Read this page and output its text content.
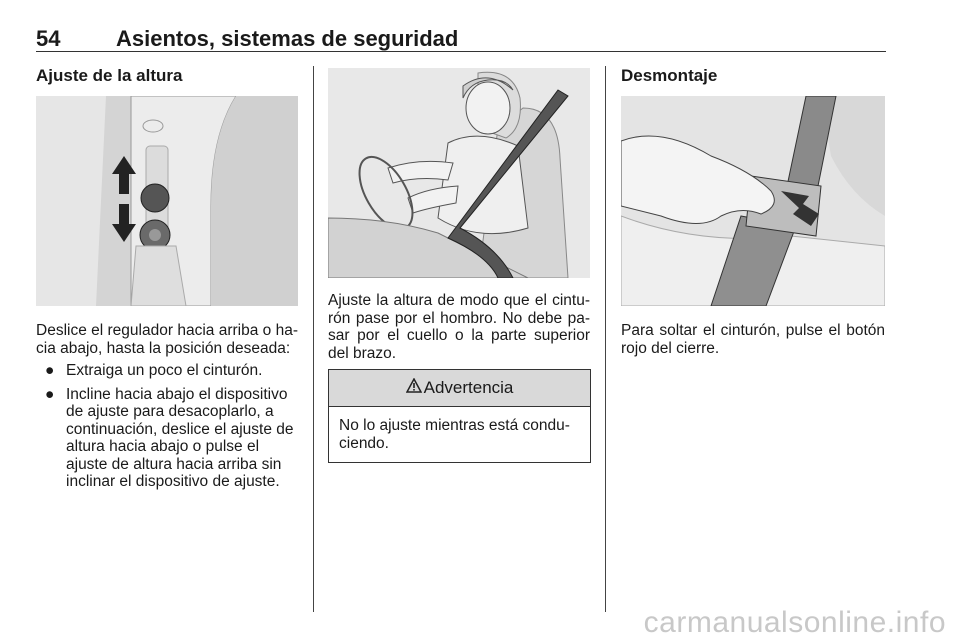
54	Asientos, sistemas de seguridad
Ajuste de la altura
Deslice el regulador hacia arriba o ha-cia abajo, hasta la posición deseada:
● Extraiga un poco el cinturón.
● Incline hacia abajo el dispositivo de ajuste para desacoplarlo, a continuación, deslice el ajuste de altura hacia abajo o pulse el ajuste de altura hacia arriba sin inclinar el dispositivo de ajuste.
Ajuste la altura de modo que el cintu-rón pase por el hombro. No debe pa-sar por el cuello o la parte superior del brazo.
Advertencia
No lo ajuste mientras está condu-ciendo.
Desmontaje
Para soltar el cinturón, pulse el botón rojo del cierre.
carmanualsonline.info
